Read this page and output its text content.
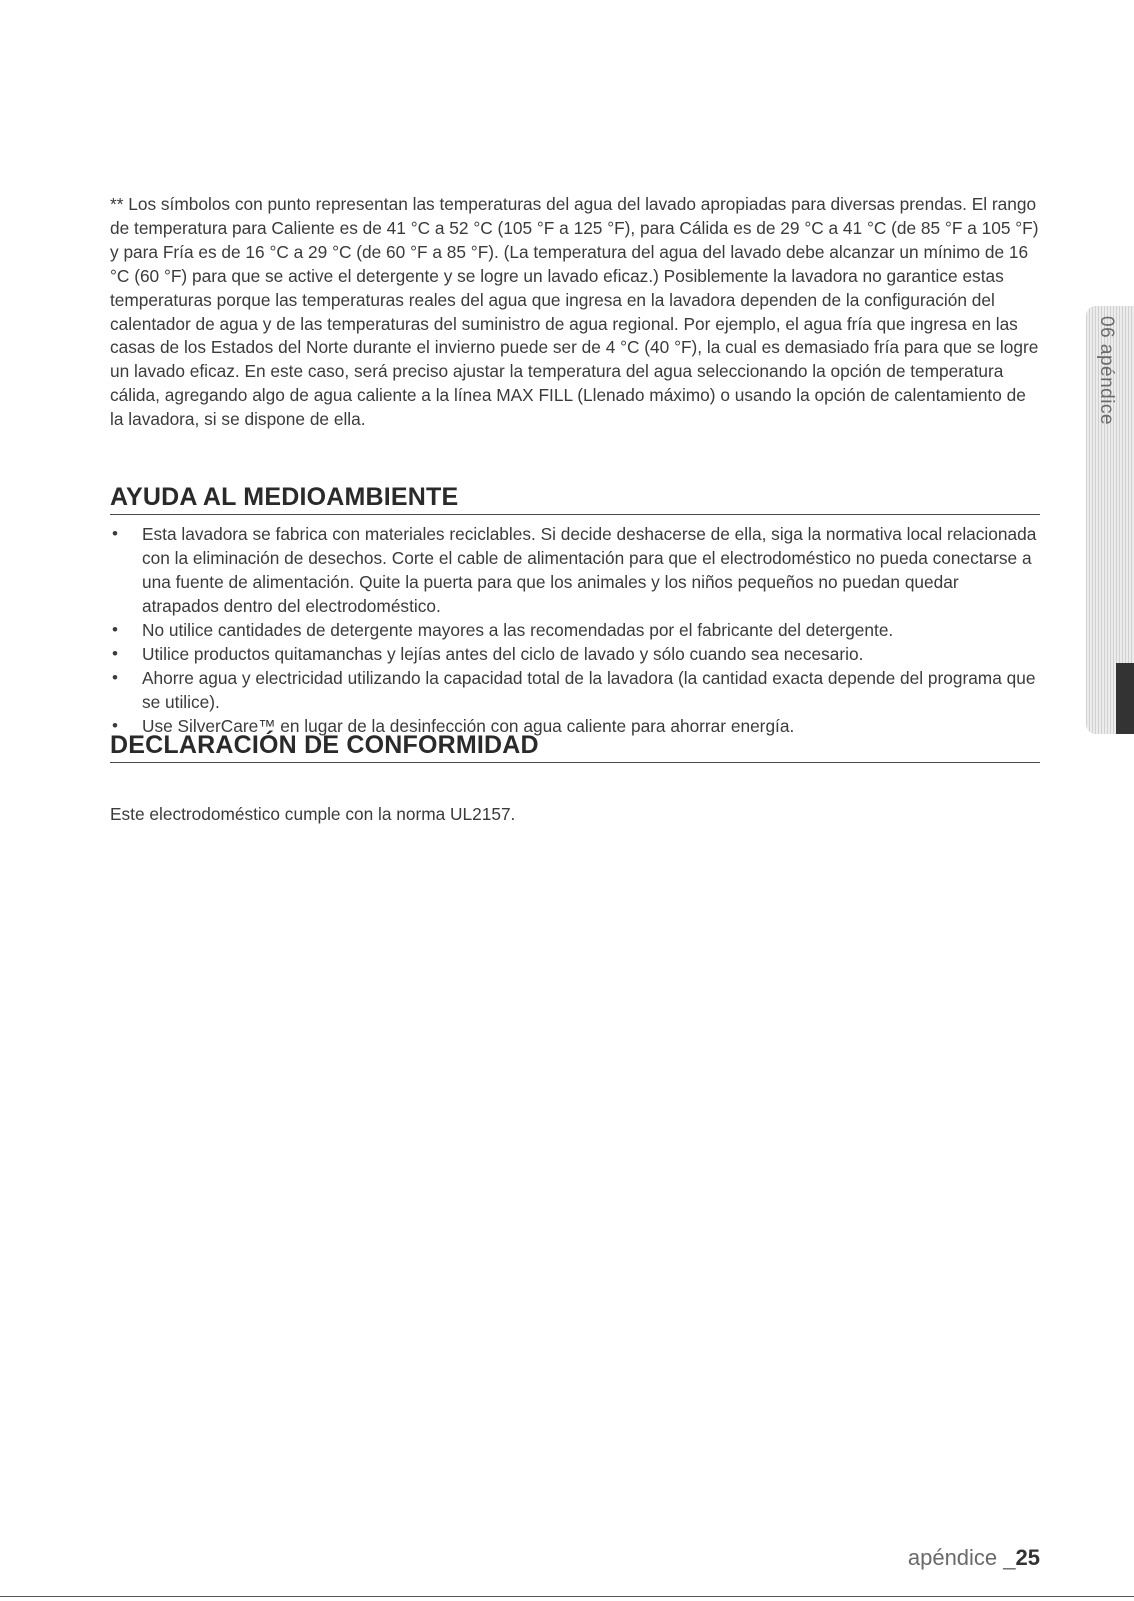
** Los símbolos con punto representan las temperaturas del agua del lavado apropiadas para diversas prendas. El rango de temperatura para Caliente es de 41 °C a 52 °C (105 °F a 125 °F), para Cálida es de 29 °C a 41 °C (de 85 °F a 105 °F) y para Fría es de 16 °C a 29 °C (de 60 °F a 85 °F). (La temperatura del agua del lavado debe alcanzar un mínimo de 16 °C (60 °F) para que se active el detergente y se logre un lavado eficaz.) Posiblemente la lavadora no garantice estas temperaturas porque las temperaturas reales del agua que ingresa en la lavadora dependen de la configuración del calentador de agua y de las temperaturas del suministro de agua regional. Por ejemplo, el agua fría que ingresa en las casas de los Estados del Norte durante el invierno puede ser de 4 °C (40 °F), la cual es demasiado fría para que se logre un lavado eficaz. En este caso, será preciso ajustar la temperatura del agua seleccionando la opción de temperatura cálida, agregando algo de agua caliente a la línea MAX FILL (Llenado máximo) o usando la opción de calentamiento de la lavadora, si se dispone de ella.

AYUDA AL MEDIOAMBIENTE
• Esta lavadora se fabrica con materiales reciclables. Si decide deshacerse de ella, siga la normativa local relacionada con la eliminación de desechos. Corte el cable de alimentación para que el electrodoméstico no pueda conectarse a una fuente de alimentación. Quite la puerta para que los animales y los niños pequeños no puedan quedar atrapados dentro del electrodoméstico.
• No utilice cantidades de detergente mayores a las recomendadas por el fabricante del detergente.
• Utilice productos quitamanchas y lejías antes del ciclo de lavado y sólo cuando sea necesario.
• Ahorre agua y electricidad utilizando la capacidad total de la lavadora (la cantidad exacta depende del programa que se utilice).
• Use SilverCare™ en lugar de la desinfección con agua caliente para ahorrar energía.
DECLARACIÓN DE CONFORMIDAD

Este electrodoméstico cumple con la norma UL2157.

06 apéndice
apéndice _25
